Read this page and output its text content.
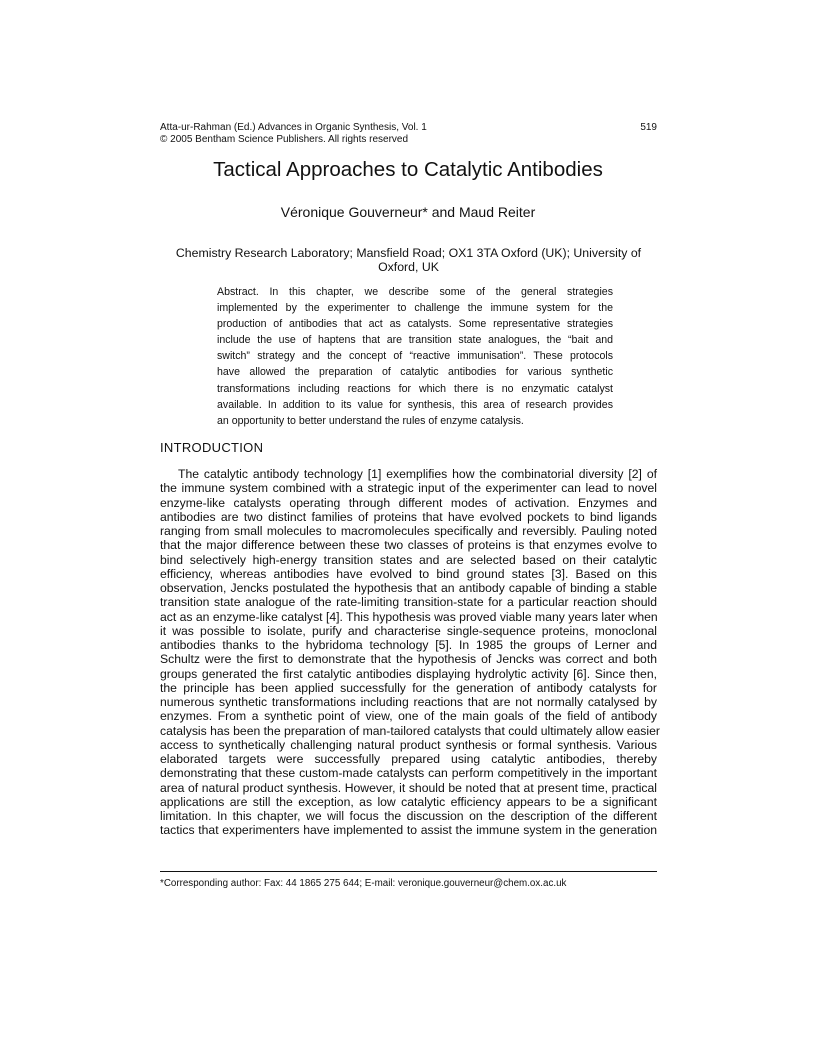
Atta-ur-Rahman (Ed.) Advances in Organic Synthesis, Vol. 1
© 2005 Bentham Science Publishers. All rights reserved
519
Tactical Approaches to Catalytic Antibodies
Véronique Gouverneur* and Maud Reiter
Chemistry Research Laboratory; Mansfield Road; OX1 3TA Oxford (UK); University of
Oxford, UK
Abstract. In this chapter, we describe some of the general strategies
implemented by the experimenter to challenge the immune system for the
production of antibodies that act as catalysts. Some representative strategies
include the use of haptens that are transition state analogues, the “bait and
switch” strategy and the concept of “reactive immunisation”. These protocols
have allowed the preparation of catalytic antibodies for various synthetic
transformations including reactions for which there is no enzymatic catalyst
available. In addition to its value for synthesis, this area of research provides
an opportunity to better understand the rules of enzyme catalysis.
INTRODUCTION
The catalytic antibody technology [1] exemplifies how the combinatorial diversity [2] of
the immune system combined with a strategic input of the experimenter can lead to novel
enzyme-like catalysts operating through different modes of activation. Enzymes and
antibodies are two distinct families of proteins that have evolved pockets to bind ligands
ranging from small molecules to macromolecules specifically and reversibly. Pauling noted
that the major difference between these two classes of proteins is that enzymes evolve to
bind selectively high-energy transition states and are selected based on their catalytic
efficiency, whereas antibodies have evolved to bind ground states [3]. Based on this
observation, Jencks postulated the hypothesis that an antibody capable of binding a stable
transition state analogue of the rate-limiting transition-state for a particular reaction should
act as an enzyme-like catalyst [4]. This hypothesis was proved viable many years later when
it was possible to isolate, purify and characterise single-sequence proteins, monoclonal
antibodies thanks to the hybridoma technology [5]. In 1985 the groups of Lerner and
Schultz were the first to demonstrate that the hypothesis of Jencks was correct and both
groups generated the first catalytic antibodies displaying hydrolytic activity [6]. Since then,
the principle has been applied successfully for the generation of antibody catalysts for
numerous synthetic transformations including reactions that are not normally catalysed by
enzymes. From a synthetic point of view, one of the main goals of the field of antibody
catalysis has been the preparation of man-tailored catalysts that could ultimately allow easier
access to synthetically challenging natural product synthesis or formal synthesis. Various
elaborated targets were successfully prepared using catalytic antibodies, thereby
demonstrating that these custom-made catalysts can perform competitively in the important
area of natural product synthesis. However, it should be noted that at present time, practical
applications are still the exception, as low catalytic efficiency appears to be a significant
limitation. In this chapter, we will focus the discussion on the description of the different
tactics that experimenters have implemented to assist the immune system in the generation
*Corresponding author: Fax: 44 1865 275 644; E-mail: veronique.gouverneur@chem.ox.ac.uk
